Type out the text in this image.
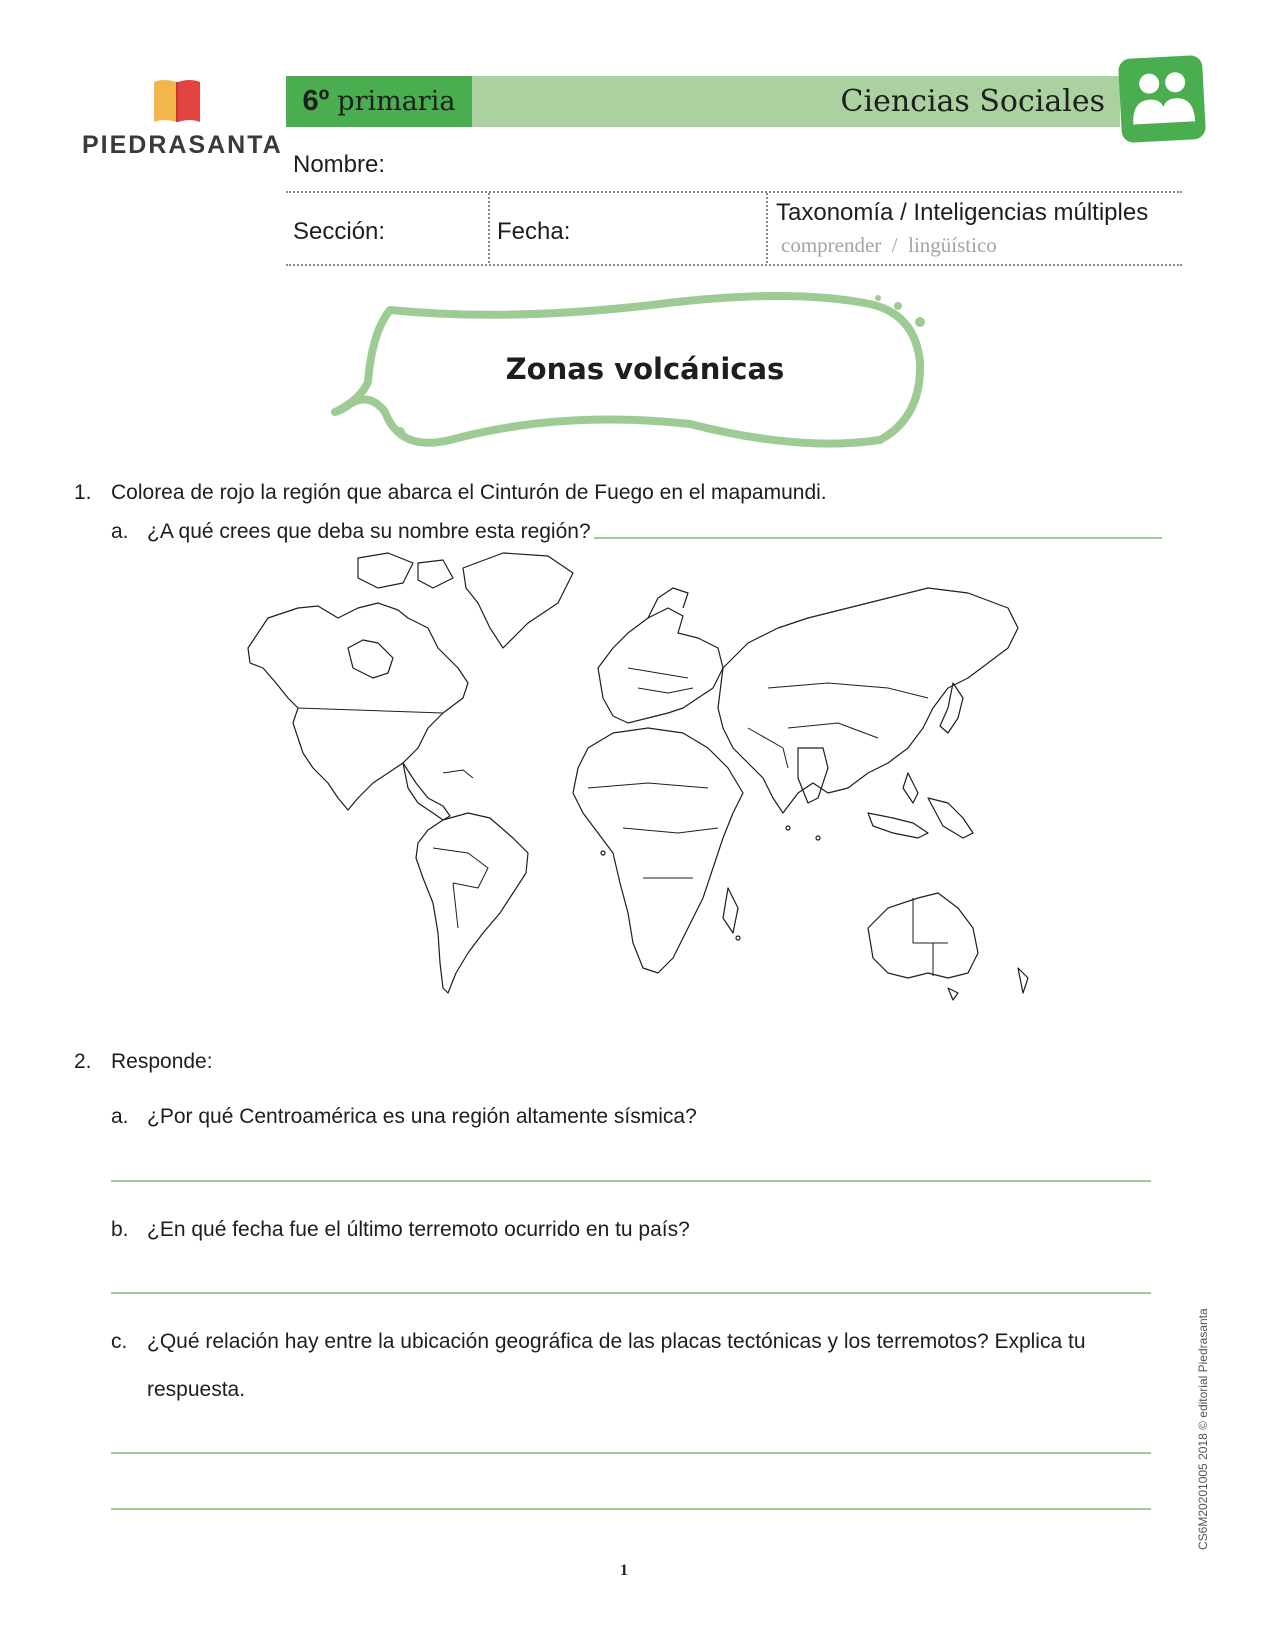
PIEDRASANTA
6º primaria	Ciencias Sociales
Nombre:
Sección:	Fecha:
Taxonomía / Inteligencias múltiples
comprender  /  lingüístico
Zonas volcánicas
1. Colorea de rojo la región que abarca el Cinturón de Fuego en el mapamundi.
a. ¿A qué crees que deba su nombre esta región?
2. Responde:
a. ¿Por qué Centroamérica es una región altamente sísmica?
b. ¿En qué fecha fue el último terremoto ocurrido en tu país?
c. ¿Qué relación hay entre la ubicación geográfica de las placas tectónicas y los terremotos? Explica tu
respuesta.
1
CS6M20201005 2018 © editorial Piedrasanta
